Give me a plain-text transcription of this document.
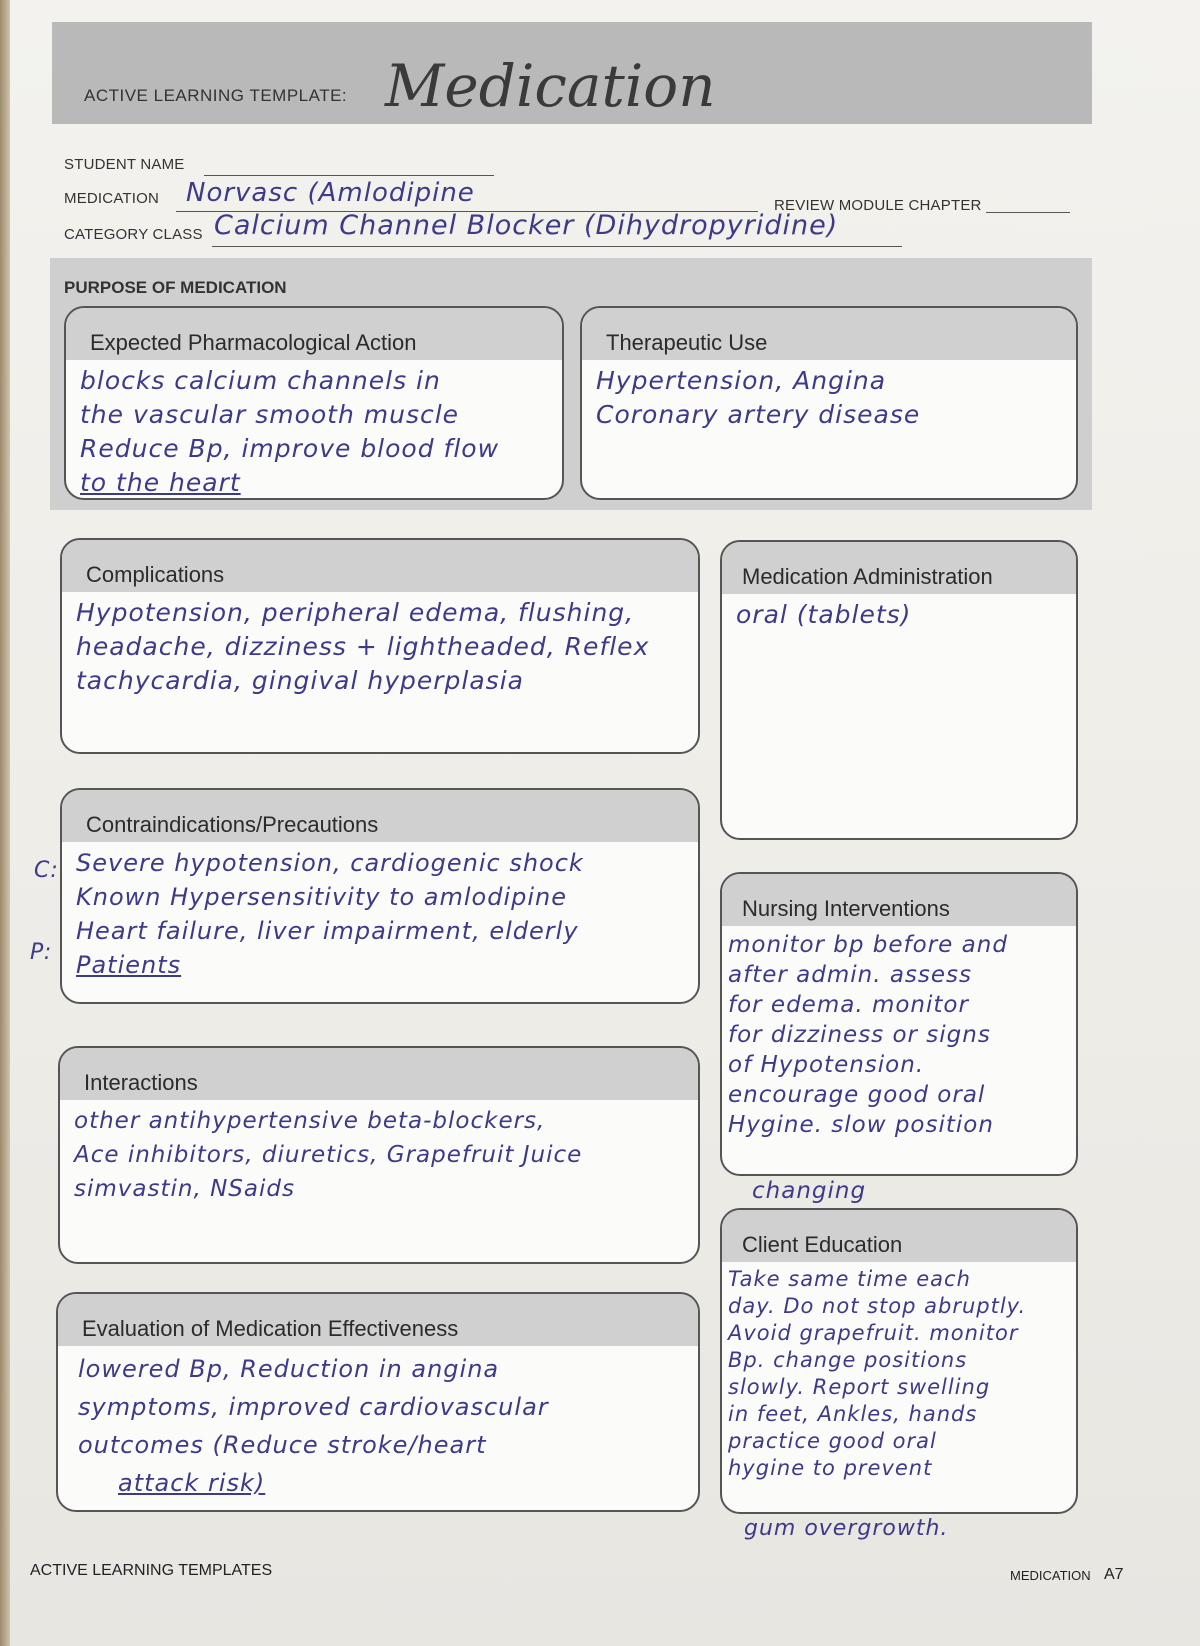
ACTIVE LEARNING TEMPLATE: Medication
STUDENT NAME
MEDICATION Norvasc (Amlodipine	REVIEW MODULE CHAPTER
CATEGORY CLASS Calcium Channel Blocker (Dihydropyridine)
PURPOSE OF MEDICATION
Expected Pharmacological Action
blocks calcium channels in
the vascular smooth muscle
Reduce Bp, improve blood flow
to the heart
Therapeutic Use
Hypertension, Angina
Coronary artery disease
Complications
Hypotension, peripheral edema, flushing,
headache, dizziness + lightheaded, Reflex
tachycardia, gingival hyperplasia
Medication Administration
oral (tablets)
Contraindications/Precautions
Severe hypotension, cardiogenic shock
Known Hypersensitivity to amlodipine
Heart failure, liver impairment, elderly
Patients
C:
P:
Nursing Interventions
monitor bp before and
after admin. assess
for edema. monitor
for dizziness or signs
of Hypotension.
encourage good oral
Hygine. slow position
changing
Interactions
other antihypertensive beta-blockers,
Ace inhibitors, diuretics, Grapefruit Juice
simvastin, NSaids
Client Education
Take same time each
day. Do not stop abruptly.
Avoid grapefruit. monitor
Bp. change positions
slowly. Report swelling
in feet, Ankles, hands
practice good oral
hygine to prevent
gum overgrowth.
Evaluation of Medication Effectiveness
lowered Bp, Reduction in angina
symptoms, improved cardiovascular
outcomes (Reduce stroke/heart
attack risk)
ACTIVE LEARNING TEMPLATES	MEDICATION A7
